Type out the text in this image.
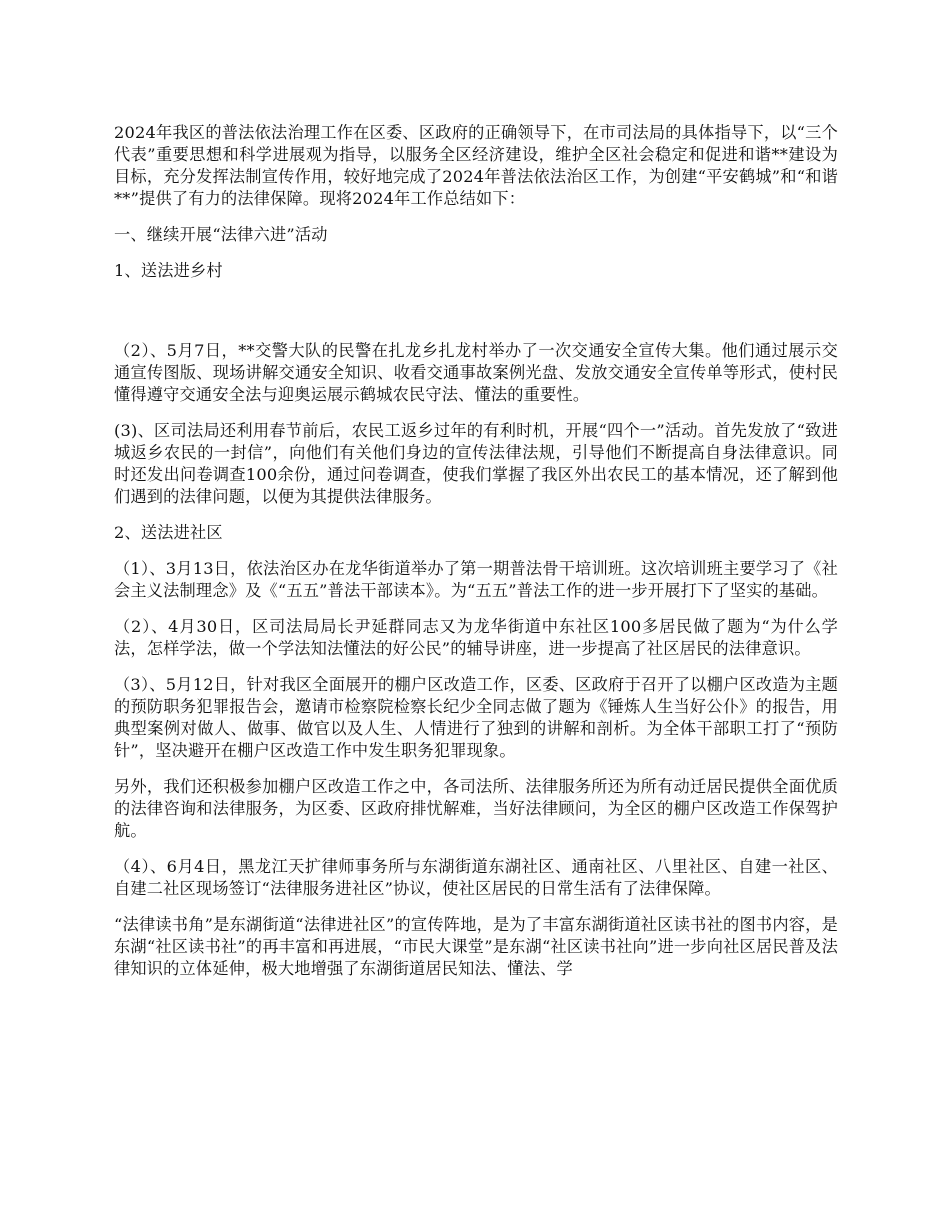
2024年我区的普法依法治理工作在区委、区政府的正确领导下，在市司法局的具体指导下，以“三个代表”重要思想和科学进展观为指导，以服务全区经济建设，维护全区社会稳定和促进和谐**建设为目标，充分发挥法制宣传作用，较好地完成了2024年普法依法治区工作，为创建“平安鹤城”和“和谐**”提供了有力的法律保障。现将2024年工作总结如下：

一、继续开展“法律六进”活动

1、送法进乡村

（2）、5月7日，**交警大队的民警在扎龙乡扎龙村举办了一次交通安全宣传大集。他们通过展示交通宣传图版、现场讲解交通安全知识、收看交通事故案例光盘、发放交通安全宣传单等形式，使村民懂得遵守交通安全法与迎奥运展示鹤城农民守法、懂法的重要性。

(3)、区司法局还利用春节前后，农民工返乡过年的有利时机，开展“四个一”活动。首先发放了“致进城返乡农民的一封信”，向他们有关他们身边的宣传法律法规，引导他们不断提高自身法律意识。同时还发出问卷调查100余份，通过问卷调查，使我们掌握了我区外出农民工的基本情况，还了解到他们遇到的法律问题，以便为其提供法律服务。

2、送法进社区

（1）、3月13日，依法治区办在龙华街道举办了第一期普法骨干培训班。这次培训班主要学习了《社会主义法制理念》及《“五五”普法干部读本》。为“五五”普法工作的进一步开展打下了坚实的基础。

（2）、4月30日，区司法局局长尹延群同志又为龙华街道中东社区100多居民做了题为“为什么学法，怎样学法，做一个学法知法懂法的好公民”的辅导讲座，进一步提高了社区居民的法律意识。

（3）、5月12日，针对我区全面展开的棚户区改造工作，区委、区政府于召开了以棚户区改造为主题的预防职务犯罪报告会，邀请市检察院检察长纪少全同志做了题为《锤炼人生当好公仆》的报告，用典型案例对做人、做事、做官以及人生、人情进行了独到的讲解和剖析。为全体干部职工打了“预防针”，坚决避开在棚户区改造工作中发生职务犯罪现象。

另外，我们还积极参加棚户区改造工作之中，各司法所、法律服务所还为所有动迁居民提供全面优质的法律咨询和法律服务，为区委、区政府排忧解难，当好法律顾问，为全区的棚户区改造工作保驾护航。

（4）、6月4日，黑龙江天扩律师事务所与东湖街道东湖社区、通南社区、八里社区、自建一社区、自建二社区现场签订“法律服务进社区”协议，使社区居民的日常生活有了法律保障。

“法律读书角”是东湖街道“法律进社区”的宣传阵地，是为了丰富东湖街道社区读书社的图书内容，是东湖“社区读书社”的再丰富和再进展，“市民大课堂”是东湖“社区读书社向”进一步向社区居民普及法律知识的立体延伸，极大地增强了东湖街道居民知法、懂法、学
